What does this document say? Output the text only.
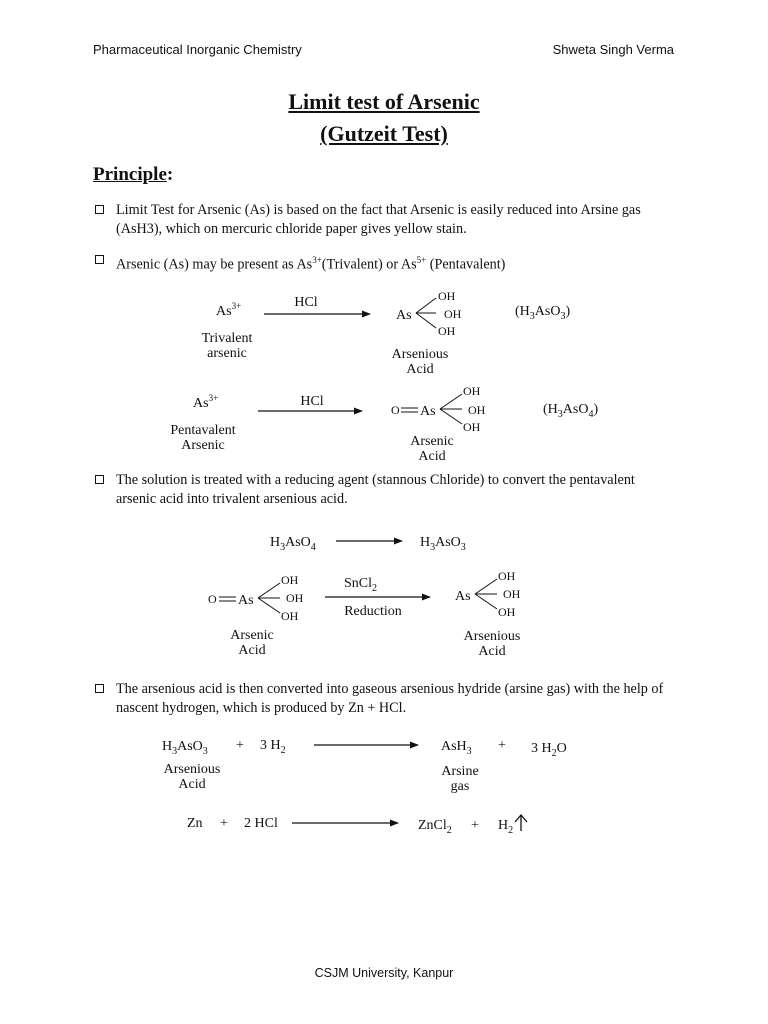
Pharmaceutical Inorganic Chemistry	Shweta Singh Verma
Limit test of Arsenic
(Gutzeit Test)
Principle:
Limit Test for Arsenic (As) is based on the fact that Arsenic is easily reduced into Arsine gas (AsH3), which on mercuric chloride paper gives yellow stain.
Arsenic (As) may be present as $As^{3+}(Trivalent)$ or $As^{5+}$ (Pentavalent)
The solution is treated with a reducing agent (stannous Chloride) to convert the pentavalent arsenic acid into trivalent arsenious acid.
The arsenious acid is then converted into gaseous arsenious hydride (arsine gas) with the help of nascent hydrogen, which is produced by Zn + HCl.
$As^{3+}$
Trivalent
arsenic
HCl
As
OH
OH
OH
Arsenious
Acid
$(H_3AsO_3)$
$As^{3+}$
Pentavalent
Arsenic
HCl
O As
OH
OH
OH
Arsenic
Acid
$(H_3AsO_4)$
$H_3AsO_4$	$H_3AsO_3$
O As
OH
OH
OH
Arsenic
Acid
SnCl$_2$
Reduction
As
OH
OH
OH
Arsenious
Acid
$H_3AsO_3 + 3$ $H_2$
Arsenious
Acid
AsH$_3$ + 3 $H_2O$
Arsine
gas
Zn + 2 HCl	ZnCl$_2$ + $H_2$
CSJM University, Kanpur
